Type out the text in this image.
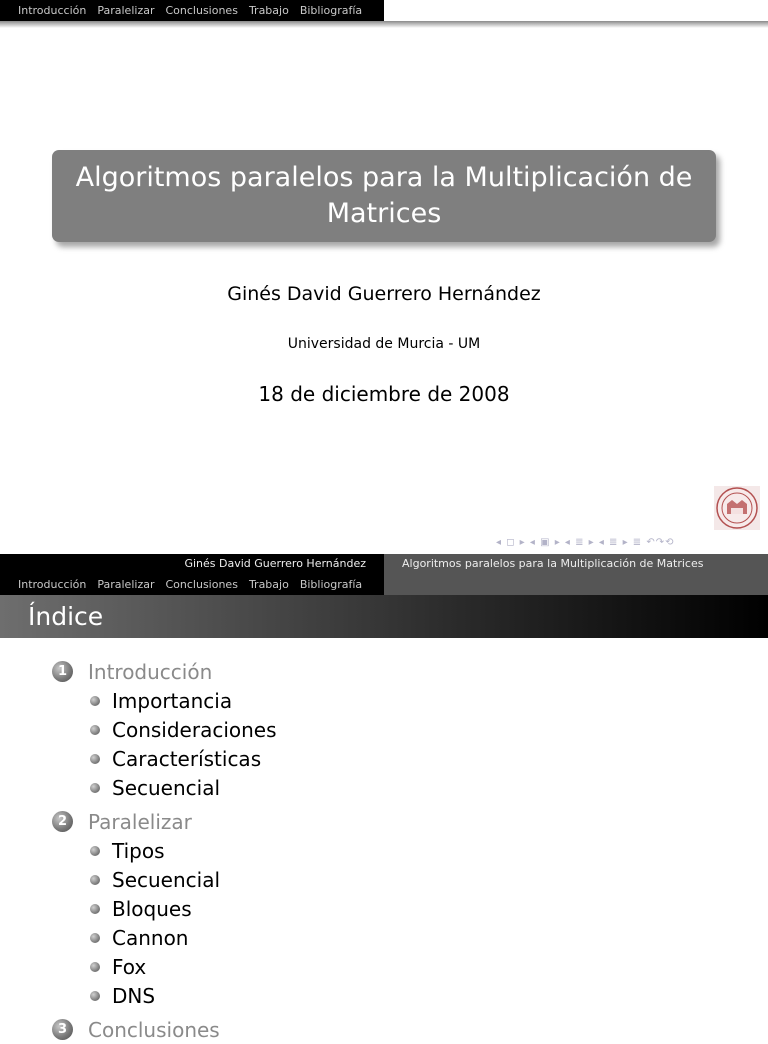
Introducción Paralelizar Conclusiones Trabajo Bibliografía
Algoritmos paralelos para la Multiplicación de Matrices
Ginés David Guerrero Hernández
Universidad de Murcia - UM
18 de diciembre de 2008
◂ ◻ ▸ ◂ ▣ ▸ ◂ ≣ ▸ ◂ ≣ ▸ ≣ ↶↷⟲
Ginés David Guerrero Hernández	Algoritmos paralelos para la Multiplicación de Matrices
Introducción Paralelizar Conclusiones Trabajo Bibliografía
Índice
1 Introducción
Importancia
Consideraciones
Características
Secuencial
2 Paralelizar
Tipos
Secuencial
Bloques
Cannon
Fox
DNS
3 Conclusiones
